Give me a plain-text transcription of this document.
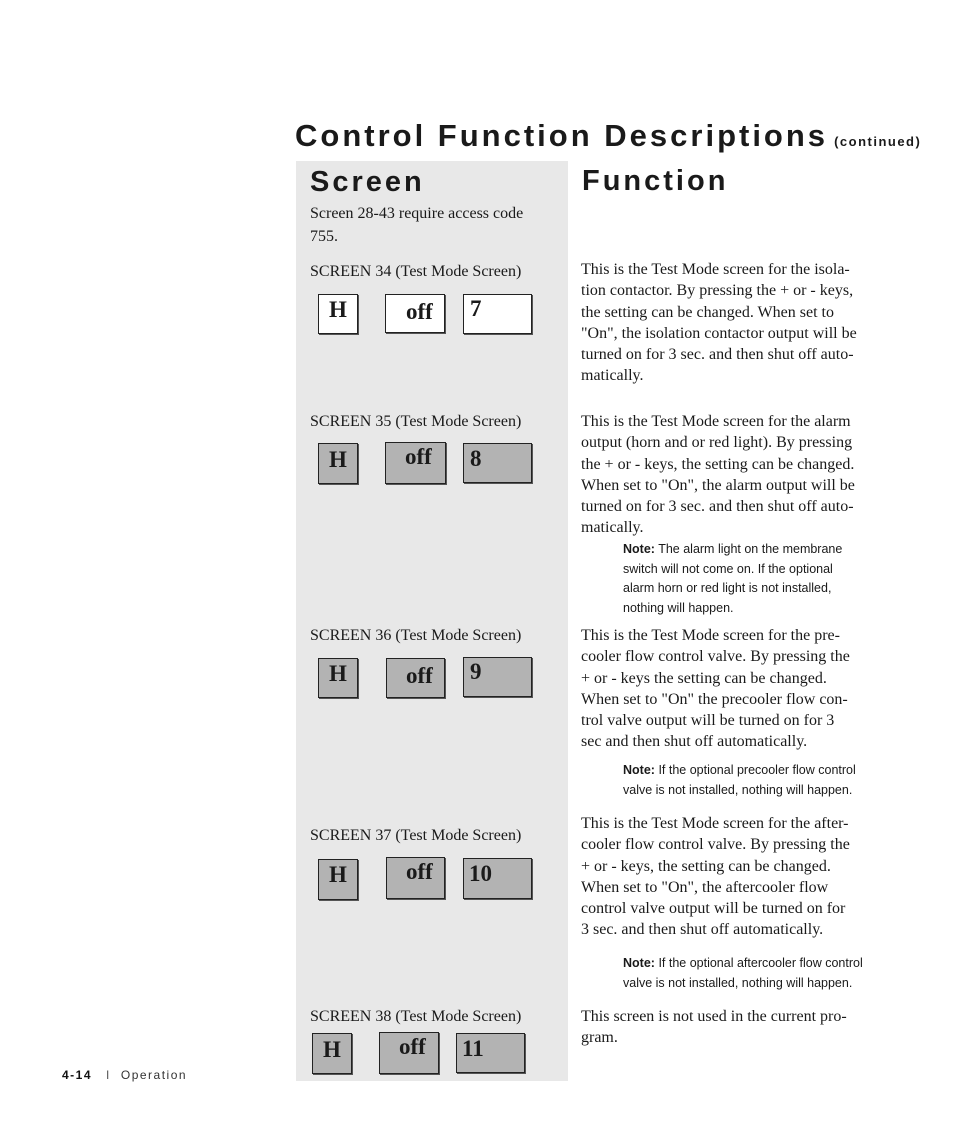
Control Function Descriptions (continued)
Screen	Function
Screen 28-43 require access code 755.
SCREEN 34 (Test Mode Screen)
H	off 7
This is the Test Mode screen for the isola-
tion contactor. By pressing the + or - keys,
the setting can be changed. When set to
"On", the isolation contactor output will be
turned on for 3 sec. and then shut off auto-
matically.
SCREEN 35 (Test Mode Screen)
H	off 8
This is the Test Mode screen for the alarm
output (horn and or red light). By pressing
the + or - keys, the setting can be changed.
When set to "On", the alarm output will be
turned on for 3 sec. and then shut off auto-
matically.
Note: The alarm light on the membrane
switch will not come on. If the optional
alarm horn or red light is not installed,
nothing will happen.
SCREEN 36 (Test Mode Screen)
H	off 9
This is the Test Mode screen for the pre-
cooler flow control valve. By pressing the
+ or - keys the setting can be changed.
When set to "On" the precooler flow con-
trol valve output will be turned on for 3
sec and then shut off automatically.
Note: If the optional precooler flow control
valve is not installed, nothing will happen.
SCREEN 37 (Test Mode Screen)
H	off 10
This is the Test Mode screen for the after-
cooler flow control valve. By pressing the
+ or - keys, the setting can be changed.
When set to "On", the aftercooler flow
control valve output will be turned on for
3 sec. and then shut off automatically.
Note: If the optional aftercooler flow control
valve is not installed, nothing will happen.
SCREEN 38 (Test Mode Screen)
H	off 11
This screen is not used in the current pro-
gram.
4-14 I Operation
